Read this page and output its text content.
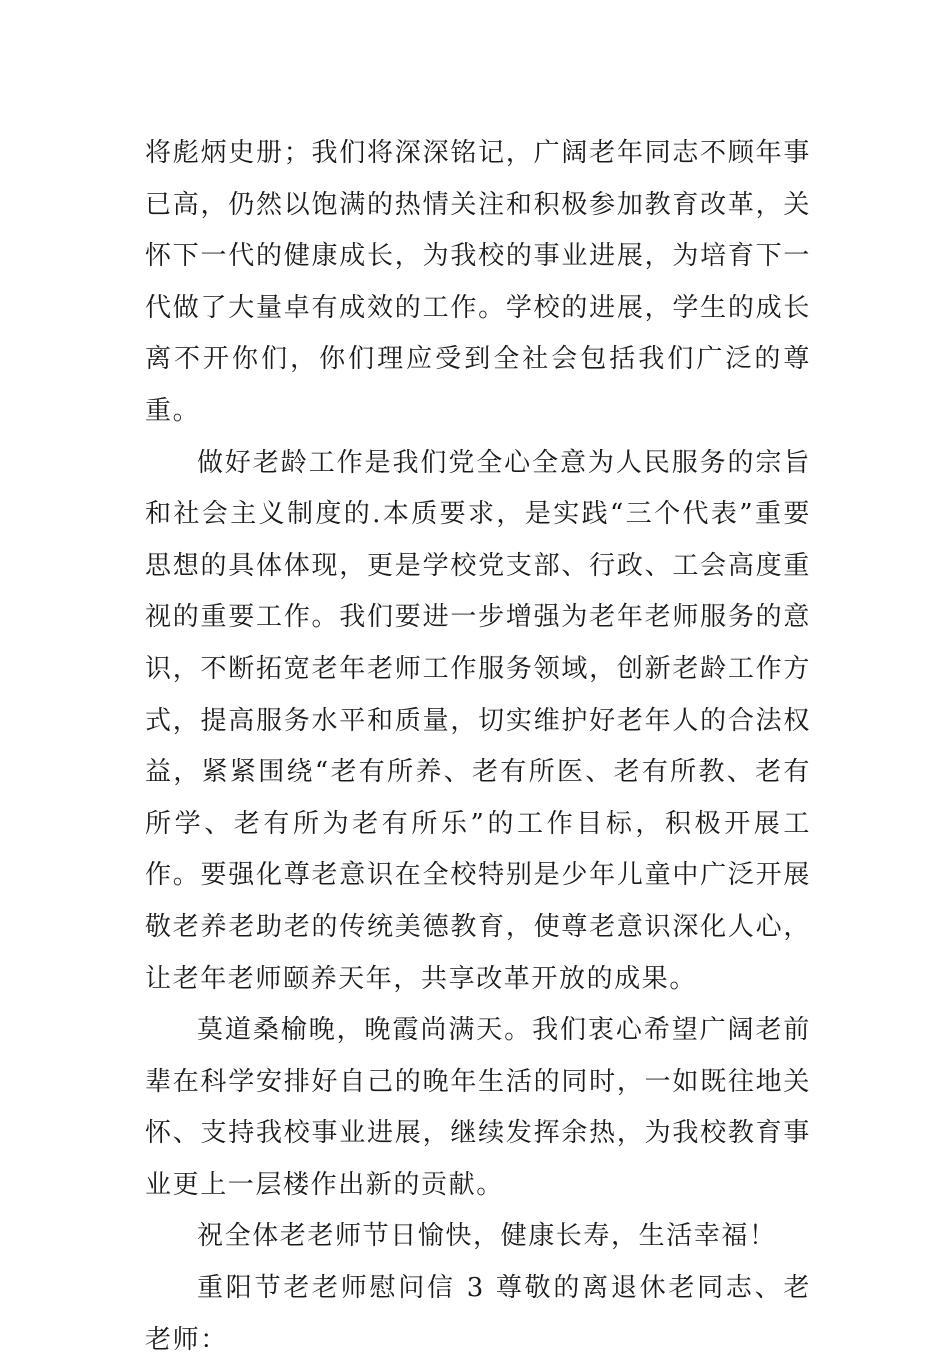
将彪炳史册；我们将深深铭记，广阔老年同志不顾年事已高，仍然以饱满的热情关注和积极参加教育改革，关怀下一代的健康成长，为我校的事业进展，为培育下一代做了大量卓有成效的工作。学校的进展，学生的成长离不开你们，你们理应受到全社会包括我们广泛的尊重。

做好老龄工作是我们党全心全意为人民服务的宗旨和社会主义制度的.本质要求，是实践“三个代表”重要思想的具体体现，更是学校党支部、行政、工会高度重视的重要工作。我们要进一步增强为老年老师服务的意识，不断拓宽老年老师工作服务领域，创新老龄工作方式，提高服务水平和质量，切实维护好老年人的合法权益，紧紧围绕“老有所养、老有所医、老有所教、老有所学、老有所为老有所乐”的工作目标，积极开展工作。要强化尊老意识在全校特别是少年儿童中广泛开展敬老养老助老的传统美德教育，使尊老意识深化人心，让老年老师颐养天年，共享改革开放的成果。

莫道桑榆晚，晚霞尚满天。我们衷心希望广阔老前辈在科学安排好自己的晚年生活的同时，一如既往地关怀、支持我校事业进展，继续发挥余热，为我校教育事业更上一层楼作出新的贡献。

祝全体老老师节日愉快，健康长寿，生活幸福！

重阳节老老师慰问信 3 尊敬的离退休老同志、老老师：
